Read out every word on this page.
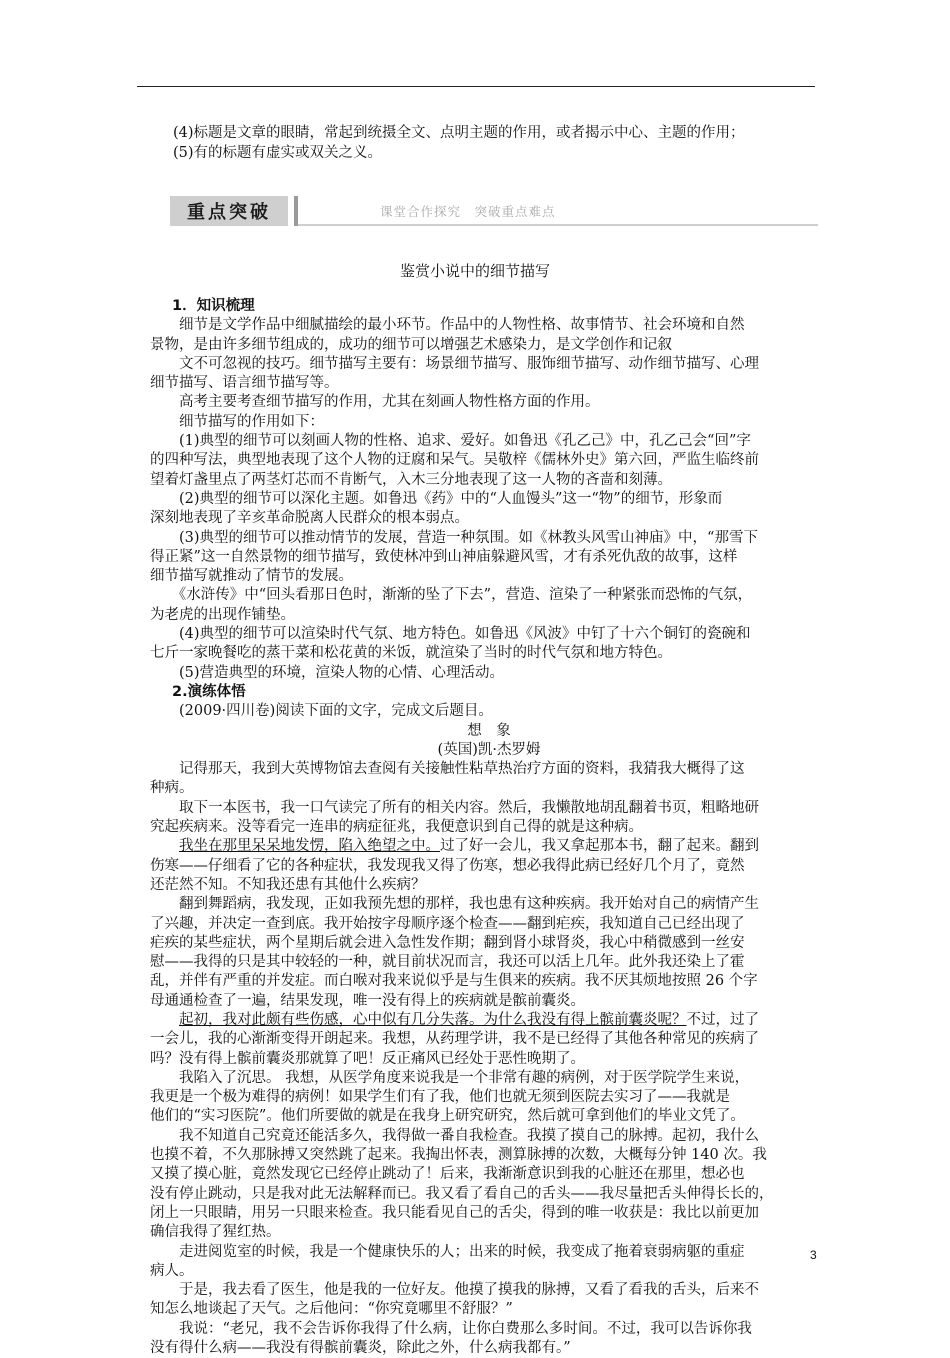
(4)标题是文章的眼睛，常起到统摄全文、点明主题的作用，或者揭示中心、主题的作用；

(5)有的标题有虚实或双关之义。

重点突破	课堂合作探究　突破重点难点
鉴赏小说中的细节描写

1．知识梳理

　　细节是文学作品中细腻描绘的最小环节。作品中的人物性格、故事情节、社会环境和自然

景物，是由许多细节组成的，成功的细节可以增强艺术感染力，是文学创作和记叙

　　文不可忽视的技巧。细节描写主要有：场景细节描写、服饰细节描写、动作细节描写、心理

细节描写、语言细节描写等。

　　高考主要考查细节描写的作用，尤其在刻画人物性格方面的作用。

　　细节描写的作用如下：

　　(1)典型的细节可以刻画人物的性格、追求、爱好。如鲁迅《孔乙己》中，孔乙己会“回”字

的四种写法，典型地表现了这个人物的迂腐和呆气。吴敬梓《儒林外史》第六回，严监生临终前

望着灯盏里点了两茎灯芯而不肯断气，入木三分地表现了这一人物的吝啬和刻薄。

　　(2)典型的细节可以深化主题。如鲁迅《药》中的“人血馒头”这一“物”的细节，形象而

深刻地表现了辛亥革命脱离人民群众的根本弱点。

　　(3)典型的细节可以推动情节的发展，营造一种氛围。如《林教头风雪山神庙》中，“那雪下

得正紧”这一自然景物的细节描写，致使林冲到山神庙躲避风雪，才有杀死仇敌的故事，这样

细节描写就推动了情节的发展。

　　《水浒传》中“回头看那日色时，渐渐的坠了下去”，营造、渲染了一种紧张而恐怖的气氛，

为老虎的出现作铺垫。

　　(4)典型的细节可以渲染时代气氛、地方特色。如鲁迅《风波》中钉了十六个铜钉的瓷碗和

七斤一家晚餐吃的蒸干菜和松花黄的米饭，就渲染了当时的时代气氛和地方特色。

　　(5)营造典型的环境，渲染人物的心情、心理活动。

2.演练体悟

　　(2009·四川卷)阅读下面的文字，完成文后题目。

想　象

(英国)凯·杰罗姆

　　记得那天，我到大英博物馆去查阅有关接触性粘草热治疗方面的资料，我猜我大概得了这

种病。

　　取下一本医书，我一口气读完了所有的相关内容。然后，我懒散地胡乱翻着书页，粗略地研

究起疾病来。没等看完一连串的病症征兆，我便意识到自己得的就是这种病。

　　我坐在那里呆呆地发愣，陷入绝望之中。过了好一会儿，我又拿起那本书，翻了起来。翻到

伤寒——仔细看了它的各种症状，我发现我又得了伤寒，想必我得此病已经好几个月了，竟然

还茫然不知。不知我还患有其他什么疾病？

　　翻到舞蹈病，我发现，正如我预先想的那样，我也患有这种疾病。我开始对自己的病情产生

了兴趣，并决定一查到底。我开始按字母顺序逐个检查——翻到疟疾，我知道自己已经出现了

疟疾的某些症状，两个星期后就会进入急性发作期；翻到肾小球肾炎，我心中稍微感到一丝安

慰——我得的只是其中较轻的一种，就目前状况而言，我还可以活上几年。此外我还染上了霍

乱，并伴有严重的并发症。而白喉对我来说似乎是与生俱来的疾病。我不厌其烦地按照 26 个字

母通通检查了一遍，结果发现，唯一没有得上的疾病就是髌前囊炎。

　　起初，我对此颇有些伤感，心中似有几分失落。为什么我没有得上髌前囊炎呢？不过，过了

一会儿，我的心渐渐变得开朗起来。我想，从药理学讲，我不是已经得了其他各种常见的疾病了

吗？没有得上髌前囊炎那就算了吧！反正痛风已经处于恶性晚期了。

　　我陷入了沉思。 我想，从医学角度来说我是一个非常有趣的病例，对于医学院学生来说，

我更是一个极为难得的病例！如果学生们有了我，他们也就无须到医院去实习了——我就是

他们的“实习医院”。他们所要做的就是在我身上研究研究，然后就可拿到他们的毕业文凭了。

　　我不知道自己究竟还能活多久，我得做一番自我检查。我摸了摸自己的脉搏。起初，我什么

也摸不着，不久那脉搏又突然跳了起来。我掏出怀表，测算脉搏的次数，大概每分钟 140 次。我

又摸了摸心脏，竟然发现它已经停止跳动了！后来，我渐渐意识到我的心脏还在那里，想必也

没有停止跳动，只是我对此无法解释而已。我又看了看自己的舌头——我尽量把舌头伸得长长的，

闭上一只眼睛，用另一只眼来检查。我只能看见自己的舌尖，得到的唯一收获是：我比以前更加

确信我得了猩红热。

　　走进阅览室的时候，我是一个健康快乐的人；出来的时候，我变成了拖着衰弱病躯的重症

病人。

　　于是，我去看了医生，他是我的一位好友。他摸了摸我的脉搏，又看了看我的舌头，后来不

知怎么地谈起了天气。之后他问：“你究竟哪里不舒服？”

　　我说：“老兄，我不会告诉你我得了什么病，让你白费那么多时间。不过，我可以告诉你我

没有得什么病——我没有得髌前囊炎，除此之外，什么病我都有。”

3
